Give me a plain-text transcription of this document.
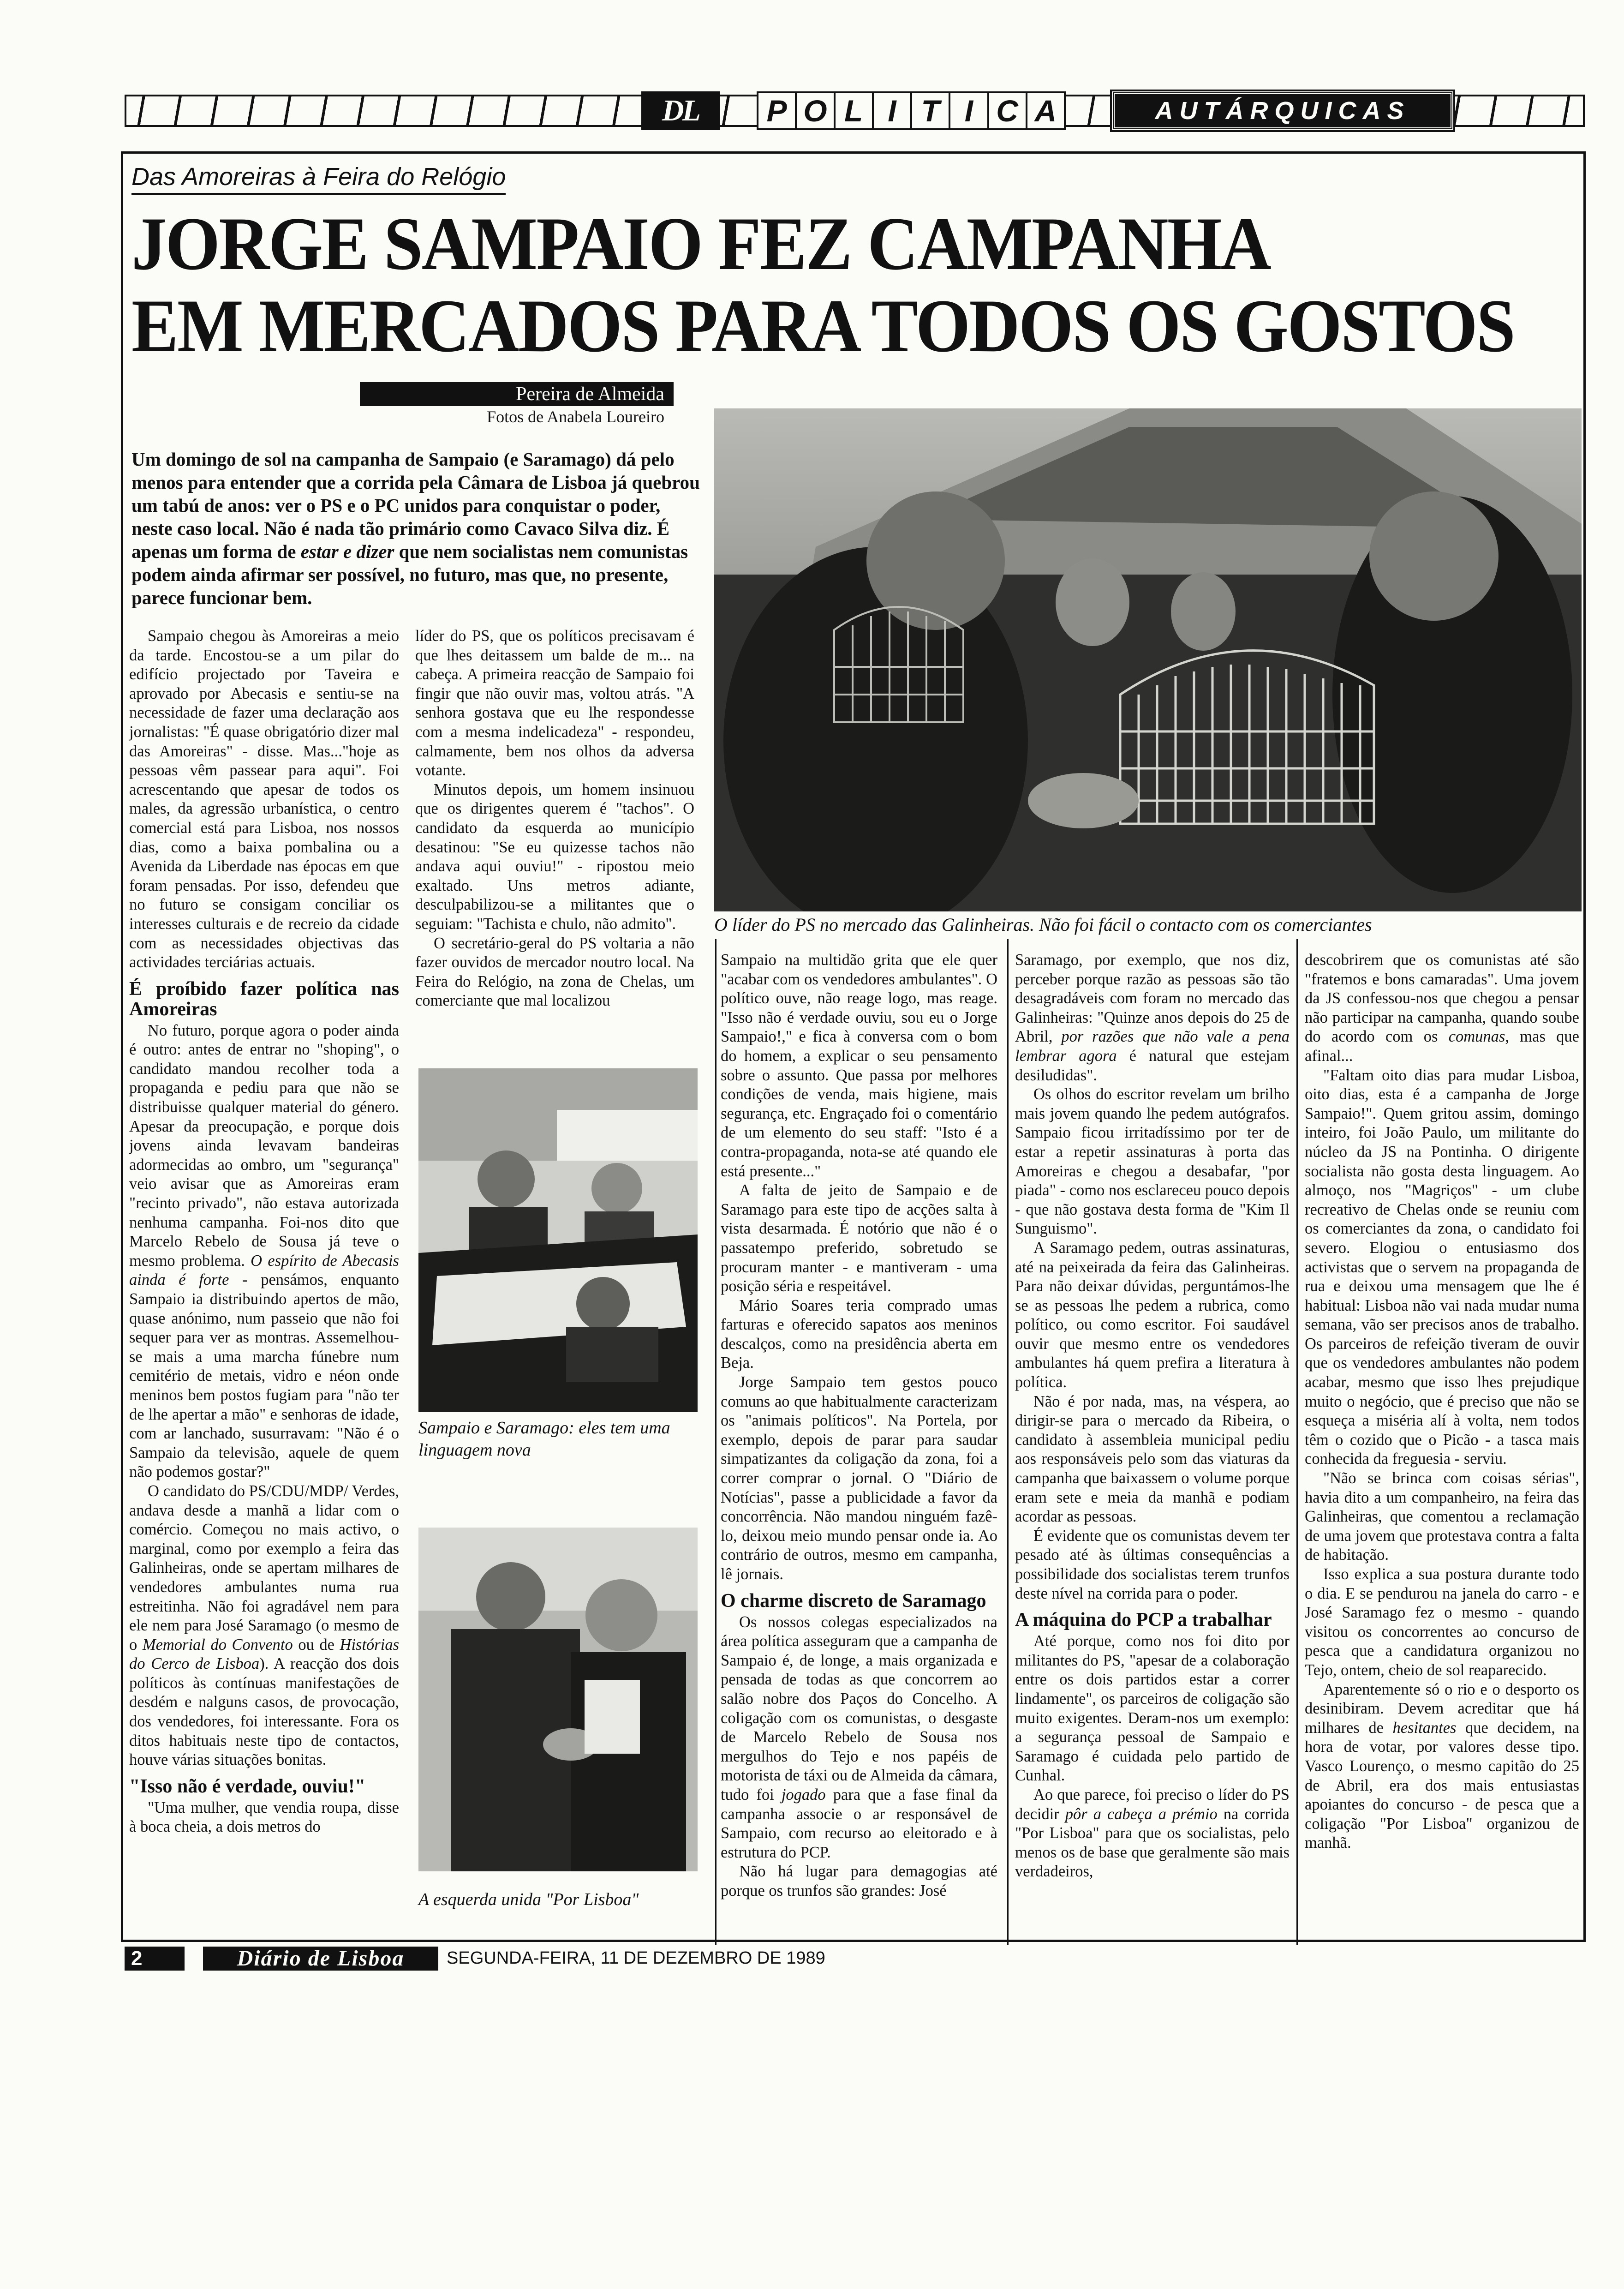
DL	P O L I T I C A	AUTÁRQUICAS
Das Amoreiras à Feira do Relógio
JORGE SAMPAIO FEZ CAMPANHA
EM MERCADOS PARA TODOS OS GOSTOS
Pereira de Almeida
Fotos de Anabela Loureiro
Um domingo de sol na campanha de Sampaio (e Saramago) dá pelo menos para entender que a corrida pela Câmara de Lisboa já quebrou um tabú de anos: ver o PS e o PC unidos para conquistar o poder, neste caso local. Não é nada tão primário como Cavaco Silva diz. É apenas um forma de estar e dizer que nem socialistas nem comunistas podem ainda afirmar ser possível, no futuro, mas que, no presente, parece funcionar bem.
O líder do PS no mercado das Galinheiras. Não foi fácil o contacto com os comerciantes
Sampaio e Saramago: eles tem uma linguagem nova
A esquerda unida "Por Lisboa"

Sampaio chegou às Amoreiras a meio da tarde. Encostou-se a um pilar do edifício projectado por Taveira e aprovado por Abecasis e sentiu-se na necessidade de fazer uma declaração aos jornalistas: "É quase obrigatório dizer mal das Amoreiras" - disse. Mas..."hoje as pessoas vêm passear para aqui". Foi acrescentando que apesar de todos os males, da agressão urbanística, o centro comercial está para Lisboa, nos nossos dias, como a baixa pombalina ou a Avenida da Liberdade nas épocas em que foram pensadas. Por isso, defendeu que no futuro se consigam conciliar os interesses culturais e de recreio da cidade com as necessidades objectivas das actividades terciárias actuais.

É proíbido fazer política nas Amoreiras

No futuro, porque agora o poder ainda é outro: antes de entrar no "shoping", o candidato mandou recolher toda a propaganda e pediu para que não se distribuisse qualquer material do género. Apesar da preocupação, e porque dois jovens ainda levavam bandeiras adormecidas ao ombro, um "segurança" veio avisar que as Amoreiras eram "recinto privado", não estava autorizada nenhuma campanha. Foi-nos dito que Marcelo Rebelo de Sousa já teve o mesmo problema. O espírito de Abecasis ainda é forte - pensámos, enquanto Sampaio ia distribuindo apertos de mão, quase anónimo, num passeio que não foi sequer para ver as montras. Assemelhou-se mais a uma marcha fúnebre num cemitério de metais, vidro e néon onde meninos bem postos fugiam para "não ter de lhe apertar a mão" e senhoras de idade, com ar lanchado, susurravam: "Não é o Sampaio da televisão, aquele de quem não podemos gostar?"

O candidato do PS/CDU/MDP/ Verdes, andava desde a manhã a lidar com o comércio. Começou no mais activo, o marginal, como por exemplo a feira das Galinheiras, onde se apertam milhares de vendedores ambulantes numa rua estreitinha. Não foi agradável nem para ele nem para José Saramago (o mesmo de o Memorial do Convento ou de Histórias do Cerco de Lisboa). A reacção dos dois políticos às contínuas manifestações de desdém e nalguns casos, de provocação, dos vendedores, foi interessante. Fora os ditos habituais neste tipo de contactos, houve várias situações bonitas.

"Isso não é verdade, ouviu!"

"Uma mulher, que vendia roupa, disse à boca cheia, a dois metros do

líder do PS, que os políticos precisavam é que lhes deitassem um balde de m... na cabeça. A primeira reacção de Sampaio foi fingir que não ouvir mas, voltou atrás. "A senhora gostava que eu lhe respondesse com a mesma indelicadeza" - respondeu, calmamente, bem nos olhos da adversa votante.

Minutos depois, um homem insinuou que os dirigentes querem é "tachos". O candidato da esquerda ao município desatinou: "Se eu quizesse tachos não andava aqui ouviu!" - ripostou meio exaltado. Uns metros adiante, desculpabilizou-se a militantes que o seguiam: "Tachista e chulo, não admito".

O secretário-geral do PS voltaria a não fazer ouvidos de mercador noutro local. Na Feira do Relógio, na zona de Chelas, um comerciante que mal localizou

Sampaio na multidão grita que ele quer "acabar com os vendedores ambulantes". O político ouve, não reage logo, mas reage. "Isso não é verdade ouviu, sou eu o Jorge Sampaio!," e fica à conversa com o bom do homem, a explicar o seu pensamento sobre o assunto. Que passa por melhores condições de venda, mais higiene, mais segurança, etc. Engraçado foi o comentário de um elemento do seu staff: "Isto é a contra-propaganda, nota-se até quando ele está presente..."

A falta de jeito de Sampaio e de Saramago para este tipo de acções salta à vista desarmada. É notório que não é o passatempo preferido, sobretudo se procuram manter - e mantiveram - uma posição séria e respeitável.

Mário Soares teria comprado umas farturas e oferecido sapatos aos meninos descalços, como na presidência aberta em Beja.

Jorge Sampaio tem gestos pouco comuns ao que habitualmente caracterizam os "animais políticos". Na Portela, por exemplo, depois de parar para saudar simpatizantes da coligação da zona, foi a correr comprar o jornal. O "Diário de Notícias", passe a publicidade a favor da concorrência. Não mandou ninguém fazê-lo, deixou meio mundo pensar onde ia. Ao contrário de outros, mesmo em campanha, lê jornais.

O charme discreto de Saramago

Os nossos colegas especializados na área política asseguram que a campanha de Sampaio é, de longe, a mais organizada e pensada de todas as que concorrem ao salão nobre dos Paços do Concelho. A coligação com os comunistas, o desgaste de Marcelo Rebelo de Sousa nos mergulhos do Tejo e nos papéis de motorista de táxi ou de Almeida da câmara, tudo foi jogado para que a fase final da campanha associe o ar responsável de Sampaio, com recurso ao eleitorado e à estrutura do PCP.

Não há lugar para demagogias até porque os trunfos são grandes: José

Saramago, por exemplo, que nos diz, perceber porque razão as pessoas são tão desagradáveis com foram no mercado das Galinheiras: "Quinze anos depois do 25 de Abril, por razões que não vale a pena lembrar agora é natural que estejam desiludidas".

Os olhos do escritor revelam um brilho mais jovem quando lhe pedem autógrafos. Sampaio ficou irritadíssimo por ter de estar a repetir assinaturas à porta das Amoreiras e chegou a desabafar, "por piada" - como nos esclareceu pouco depois - que não gostava desta forma de "Kim Il Sunguismo".

A Saramago pedem, outras assinaturas, até na peixeirada da feira das Galinheiras. Para não deixar dúvidas, perguntámos-lhe se as pessoas lhe pedem a rubrica, como político, ou como escritor. Foi saudável ouvir que mesmo entre os vendedores ambulantes há quem prefira a literatura à política.

Não é por nada, mas, na véspera, ao dirigir-se para o mercado da Ribeira, o candidato à assembleia municipal pediu aos responsáveis pelo som das viaturas da campanha que baixassem o volume porque eram sete e meia da manhã e podiam acordar as pessoas.

É evidente que os comunistas devem ter pesado até às últimas consequências a possibilidade dos socialistas terem trunfos deste nível na corrida para o poder.

A máquina do PCP a trabalhar

Até porque, como nos foi dito por militantes do PS, "apesar de a colaboração entre os dois partidos estar a correr lindamente", os parceiros de coligação são muito exigentes. Deram-nos um exemplo: a segurança pessoal de Sampaio e Saramago é cuidada pelo partido de Cunhal.

Ao que parece, foi preciso o líder do PS decidir pôr a cabeça a prémio na corrida "Por Lisboa" para que os socialistas, pelo menos os de base que geralmente são mais verdadeiros,

descobrirem que os comunistas até são "fratemos e bons camaradas". Uma jovem da JS confessou-nos que chegou a pensar não participar na campanha, quando soube do acordo com os comunas, mas que afinal...

"Faltam oito dias para mudar Lisboa, oito dias, esta é a campanha de Jorge Sampaio!". Quem gritou assim, domingo inteiro, foi João Paulo, um militante do núcleo da JS na Pontinha. O dirigente socialista não gosta desta linguagem. Ao almoço, nos "Magriços" - um clube recreativo de Chelas onde se reuniu com os comerciantes da zona, o candidato foi severo. Elogiou o entusiasmo dos activistas que o servem na propaganda de rua e deixou uma mensagem que lhe é habitual: Lisboa não vai nada mudar numa semana, vão ser precisos anos de trabalho. Os parceiros de refeição tiveram de ouvir que os vendedores ambulantes não podem acabar, mesmo que isso lhes prejudique muito o negócio, que é preciso que não se esqueça a miséria alí à volta, nem todos têm o cozido que o Picão - a tasca mais conhecida da freguesia - serviu.

"Não se brinca com coisas sérias", havia dito a um companheiro, na feira das Galinheiras, que comentou a reclamação de uma jovem que protestava contra a falta de habitação.

Isso explica a sua postura durante todo o dia. E se pendurou na janela do carro - e José Saramago fez o mesmo - quando visitou os concorrentes ao concurso de pesca que a candidatura organizou no Tejo, ontem, cheio de sol reaparecido.

Aparentemente só o rio e o desporto os desinibiram. Devem acreditar que há milhares de hesitantes que decidem, na hora de votar, por valores desse tipo. Vasco Lourenço, o mesmo capitão do 25 de Abril, era dos mais entusiastas apoiantes do concurso - de pesca que a coligação "Por Lisboa" organizou de manhã.

2	Diário de Lisboa	SEGUNDA-FEIRA, 11 DE DEZEMBRO DE 1989
